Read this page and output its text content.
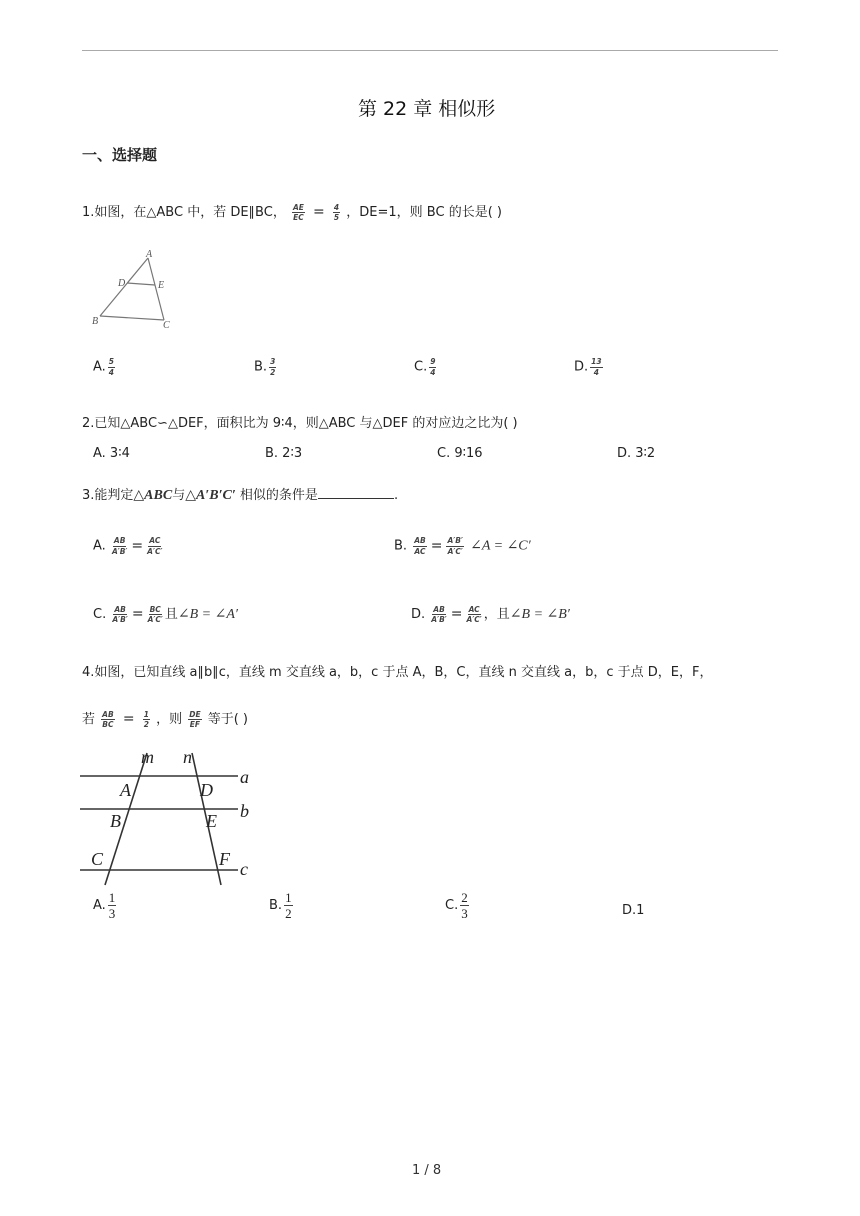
第 22 章 相似形
一、选择题
1.如图，在△ABC 中，若 DE∥BC， $\frac{AE}{EC} = \frac{4}{5}$ ，DE=1，则 BC 的长是( )
A
D	E
B	C
A. $\frac{5}{4}$	B. $\frac{3}{2}$	C. $\frac{9}{4}$	D. $\frac{13}{4}$
2.已知△ABC∽△DEF，面积比为 9∶4，则△ABC 与△DEF 的对应边之比为( )
A. 3∶4	B. 2∶3	C. 9∶16	D. 3∶2
3.能判定△ABC与△A′B′C′ 相似的条件是	.
A. $\frac{AB}{A'B'} = \frac{AC}{A'C'}$	B. $\frac{AB}{AC} = \frac{A'B'}{A'C'}$ ∠A = ∠C′
C. $\frac{AB}{A'B'} = \frac{BC}{A'C'}$ 且∠B = ∠A′	D. $\frac{AB}{A'B'} = \frac{AC}{A'C'}$ ，且∠B = ∠B′
4.如图，已知直线 a∥b∥c，直线 m 交直线 a，b，c 于点 A，B，C，直线 n 交直线 a，b，c 于点 D，E，F，
若 $\frac{AB}{BC} = \frac{1}{2}$ ，则 $\frac{DE}{EF}$ 等于( )
m n
a
b
c
A
B
C
D
E
F
A. $\frac{1}{3}$	B. $\frac{1}{2}$	C. $\frac{2}{3}$	D.1
1 / 8
